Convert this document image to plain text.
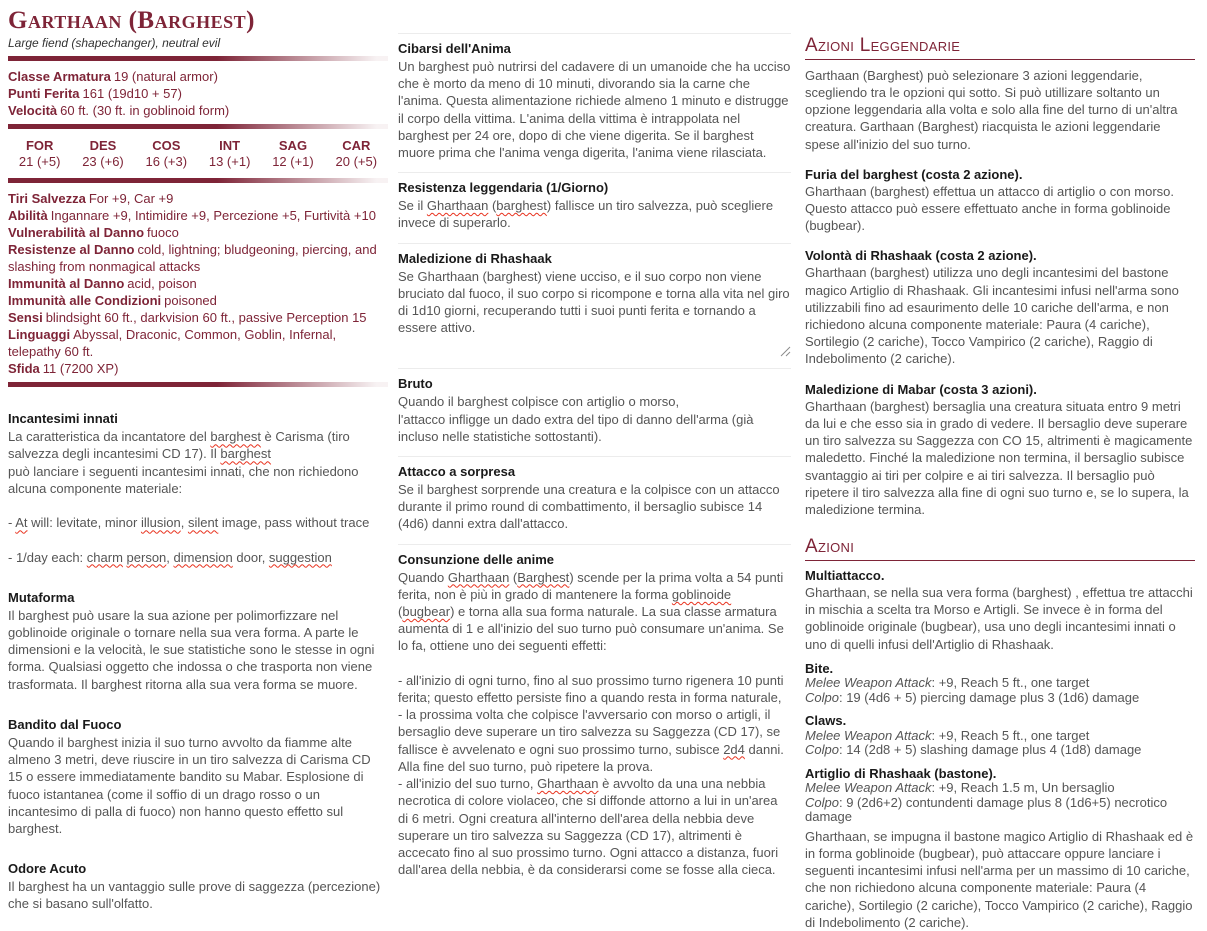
Garthaan (Barghest)
Large fiend (shapechanger), neutral evil
Classe Armatura 19 (natural armor)
Punti Ferita 161 (19d10 + 57)
Velocità 60 ft. (30 ft. in goblinoid form)
FOR
21 (+5)
DES
23 (+6)
COS
16 (+3)
INT
13 (+1)
SAG
12 (+1)
CAR
20 (+5)
Tiri Salvezza For +9, Car +9
Abilità Ingannare +9, Intimidire +9, Percezione +5, Furtività +10
Vulnerabilità al Danno fuoco
Resistenze al Danno cold, lightning; bludgeoning, piercing, and slashing from nonmagical attacks
Immunità al Danno acid, poison
Immunità alle Condizioni poisoned
Sensi blindsight 60 ft., darkvision 60 ft., passive Perception 15
Linguaggi Abyssal, Draconic, Common, Goblin, Infernal, telepathy 60 ft.
Sfida 11 (7200 XP)
Incantesimi innati
La caratteristica da incantatore del barghest è Carisma (tiro salvezza degli incantesimi CD 17). Il barghest
può lanciare i seguenti incantesimi innati, che non richiedono alcuna componente materiale:

- At will: levitate, minor illusion, silent image, pass without trace

- 1/day each: charm person, dimension door, suggestion
Mutaforma
Il barghest può usare la sua azione per polimorfizzare nel goblinoide originale o tornare nella sua vera forma. A parte le dimensioni e la velocità, le sue statistiche sono le stesse in ogni forma. Qualsiasi oggetto che indossa o che trasporta non viene trasformata. Il barghest ritorna alla sua vera forma se muore.
Bandito dal Fuoco
Quando il barghest inizia il suo turno avvolto da fiamme alte almeno 3 metri, deve riuscire in un tiro salvezza di Carisma CD 15 o essere immediatamente bandito su Mabar. Esplosione di fuoco istantanea (come il soffio di un drago rosso o un incantesimo di palla di fuoco) non hanno questo effetto sul barghest.
Odore Acuto
Il barghest ha un vantaggio sulle prove di saggezza (percezione) che si basano sull'olfatto.
Cibarsi dell'Anima
Un barghest può nutrirsi del cadavere di un umanoide che ha ucciso che è morto da meno di 10 minuti, divorando sia la carne che l'anima. Questa alimentazione richiede almeno 1 minuto e distrugge il corpo della vittima. L'anima della vittima è intrappolata nel barghest per 24 ore, dopo di che viene digerita. Se il barghest muore prima che l'anima venga digerita, l'anima viene rilasciata.
Resistenza leggendaria (1/Giorno)
Se il Gharthaan (barghest) fallisce un tiro salvezza, può scegliere invece di superarlo.
Maledizione di Rhashaak
Se Gharthaan (barghest) viene ucciso, e il suo corpo non viene bruciato dal fuoco, il suo corpo si ricompone e torna alla vita nel giro di 1d10 giorni, recuperando tutti i suoi punti ferita e tornando a essere attivo.
Bruto
Quando il barghest colpisce con artiglio o morso,
l'attacco infligge un dado extra del tipo di danno dell'arma (già incluso nelle statistiche sottostanti).
Attacco a sorpresa
Se il barghest sorprende una creatura e la colpisce con un attacco durante il primo round di combattimento, il bersaglio subisce 14 (4d6) danni extra dall'attacco.
Consunzione delle anime
Quando Gharthaan (Barghest) scende per la prima volta a 54 punti ferita, non è più in grado di mantenere la forma goblinoide (bugbear) e torna alla sua forma naturale. La sua classe armatura aumenta di 1 e all'inizio del suo turno può consumare un'anima. Se lo fa, ottiene uno dei seguenti effetti:

- all'inizio di ogni turno, fino al suo prossimo turno rigenera 10 punti ferita; questo effetto persiste fino a quando resta in forma naturale,
- la prossima volta che colpisce l'avversario con morso o artigli, il bersaglio deve superare un tiro salvezza su Saggezza (CD 17), se fallisce è avvelenato e ogni suo prossimo turno, subisce 2d4 danni. Alla fine del suo turno, può ripetere la prova.
- all'inizio del suo turno, Gharthaan è avvolto da una una nebbia necrotica di colore violaceo, che si diffonde attorno a lui in un'area di 6 metri. Ogni creatura all'interno dell'area della nebbia deve superare un tiro salvezza su Saggezza (CD 17), altrimenti è accecato fino al suo prossimo turno. Ogni attacco a distanza, fuori dall'area della nebbia, è da considerarsi come se fosse alla cieca.
Azioni Leggendarie

Garthaan (Barghest) può selezionare 3 azioni leggendarie, scegliendo tra le opzioni qui sotto. Si può utillizare soltanto un opzione leggendaria alla volta e solo alla fine del turno di un'altra creatura. Garthaan (Barghest) riacquista le azioni leggendarie spese all'inizio del suo turno.

Furia del barghest (costa 2 azione).

Gharthaan (barghest) effettua un attacco di artiglio o con morso. Questo attacco può essere effettuato anche in forma goblinoide (bugbear).

Volontà di Rhashaak (costa 2 azione).

Gharthaan (barghest) utilizza uno degli incantesimi del bastone magico Artiglio di Rhashaak. Gli incantesimi infusi nell'arma sono utilizzabili fino ad esaurimento delle 10 cariche dell'arma, e non richiedono alcuna componente materiale: Paura (4 cariche), Sortilegio (2 cariche), Tocco Vampirico (2 cariche), Raggio di Indebolimento (2 cariche).

Maledizione di Mabar (costa 3 azioni).

Gharthaan (barghest) bersaglia una creatura situata entro 9 metri da lui e che esso sia in grado di vedere. Il bersaglio deve superare un tiro salvezza su Saggezza con CO 15, altrimenti è magicamente maledetto. Finché la maledizione non termina, il bersaglio subisce svantaggio ai tiri per colpire e ai tiri salvezza. Il bersaglio può ripetere il tiro salvezza alla fine di ogni suo turno e, se lo supera, la maledizione termina.

Azioni
Multiattacco.

Gharthaan, se nella sua vera forma (barghest) , effettua tre attacchi in mischia a scelta tra Morso e Artigli. Se invece è in forma del goblinoide originale (bugbear), usa uno degli incantesimi innati o uno di quelli infusi dell'Artiglio di Rhashaak.

Bite.
Melee Weapon Attack: +9, Reach 5 ft., one target
Colpo: 19 (4d6 + 5) piercing damage plus 3 (1d6) damage
Claws.
Melee Weapon Attack: +9, Reach 5 ft., one target
Colpo: 14 (2d8 + 5) slashing damage plus 4 (1d8) damage
Artiglio di Rhashaak (bastone).
Melee Weapon Attack: +9, Reach 1.5 m, Un bersaglio
Colpo: 9 (2d6+2) contundenti damage plus 8 (1d6+5) necrotico damage
Gharthaan, se impugna il bastone magico Artiglio di Rhashaak ed è in forma goblinoide (bugbear), può attaccare oppure lanciare i seguenti incantesimi infusi nell'arma per un massimo di 10 cariche, che non richiedono alcuna componente materiale: Paura (4 cariche), Sortilegio (2 cariche), Tocco Vampirico (2 cariche), Raggio di Indebolimento (2 cariche).
